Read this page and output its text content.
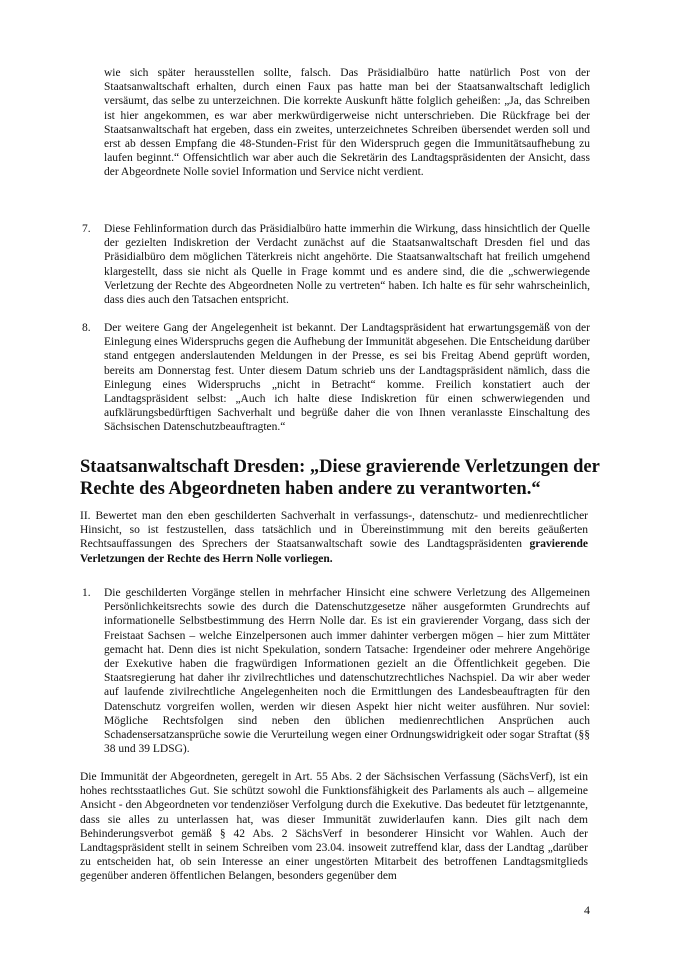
wie sich später herausstellen sollte, falsch. Das Präsidialbüro hatte natürlich Post von der Staatsanwaltschaft erhalten, durch einen Faux pas hatte man bei der Staatsanwaltschaft lediglich versäumt, das selbe zu unterzeichnen. Die korrekte Auskunft hätte folglich geheißen: „Ja, das Schreiben ist hier angekommen, es war aber merkwürdigerweise nicht unterschrieben. Die Rückfrage bei der Staatsanwaltschaft hat ergeben, dass ein zweites, unterzeichnetes Schreiben übersendet werden soll und erst ab dessen Empfang die 48-Stunden-Frist für den Widerspruch gegen die Immunitätsaufhebung zu laufen beginnt.“ Offensichtlich war aber auch die Sekretärin des Landtagspräsidenten der Ansicht, dass der Abgeordnete Nolle soviel Information und Service nicht verdient.

7. Diese Fehlinformation durch das Präsidialbüro hatte immerhin die Wirkung, dass hinsichtlich der Quelle der gezielten Indiskretion der Verdacht zunächst auf die Staatsanwaltschaft Dresden fiel und das Präsidialbüro dem möglichen Täterkreis nicht angehörte. Die Staatsanwaltschaft hat freilich umgehend klargestellt, dass sie nicht als Quelle in Frage kommt und es andere sind, die die „schwerwiegende Verletzung der Rechte des Abgeordneten Nolle zu vertreten“ haben. Ich halte es für sehr wahrscheinlich, dass dies auch den Tatsachen entspricht.

8. Der weitere Gang der Angelegenheit ist bekannt. Der Landtagspräsident hat erwartungsgemäß von der Einlegung eines Widerspruchs gegen die Aufhebung der Immunität abgesehen. Die Entscheidung darüber stand entgegen anderslautenden Meldungen in der Presse, es sei bis Freitag Abend geprüft worden, bereits am Donnerstag fest. Unter diesem Datum schrieb uns der Landtagspräsident nämlich, dass die Einlegung eines Widerspruchs „nicht in Betracht“ komme. Freilich konstatiert auch der Landtagspräsident selbst: „Auch ich halte diese Indiskretion für einen schwerwiegenden und aufklärungsbedürftigen Sachverhalt und begrüße daher die von Ihnen veranlasste Einschaltung des Sächsischen Datenschutzbeauftragten.“

Staatsanwaltschaft Dresden: „Diese gravierende Verletzungen der Rechte des Abgeordneten haben andere zu verantworten.“

II. Bewertet man den eben geschilderten Sachverhalt in verfassungs-, datenschutz- und medienrechtlicher Hinsicht, so ist festzustellen, dass tatsächlich und in Übereinstimmung mit den bereits geäußerten Rechtsauffassungen des Sprechers der Staatsanwaltschaft sowie des Landtagspräsidenten gravierende Verletzungen der Rechte des Herrn Nolle vorliegen.

1. Die geschilderten Vorgänge stellen in mehrfacher Hinsicht eine schwere Verletzung des Allgemeinen Persönlichkeitsrechts sowie des durch die Datenschutzgesetze näher ausgeformten Grundrechts auf informationelle Selbstbestimmung des Herrn Nolle dar. Es ist ein gravierender Vorgang, dass sich der Freistaat Sachsen – welche Einzelpersonen auch immer dahinter verbergen mögen – hier zum Mittäter gemacht hat. Denn dies ist nicht Spekulation, sondern Tatsache: Irgendeiner oder mehrere Angehörige der Exekutive haben die fragwürdigen Informationen gezielt an die Öffentlichkeit gegeben. Die Staatsregierung hat daher ihr zivilrechtliches und datenschutzrechtliches Nachspiel. Da wir aber weder auf laufende zivilrechtliche Angelegenheiten noch die Ermittlungen des Landesbeauftragten für den Datenschutz vorgreifen wollen, werden wir diesen Aspekt hier nicht weiter ausführen. Nur soviel: Mögliche Rechtsfolgen sind neben den üblichen medienrechtlichen Ansprüchen auch Schadensersatzansprüche sowie die Verurteilung wegen einer Ordnungswidrigkeit oder sogar Straftat (§§ 38 und 39 LDSG).

Die Immunität der Abgeordneten, geregelt in Art. 55 Abs. 2 der Sächsischen Verfassung (SächsVerf), ist ein hohes rechtsstaatliches Gut. Sie schützt sowohl die Funktionsfähigkeit des Parlaments als auch – allgemeine Ansicht - den Abgeordneten vor tendenziöser Verfolgung durch die Exekutive. Das bedeutet für letztgenannte, dass sie alles zu unterlassen hat, was dieser Immunität zuwiderlaufen kann. Dies gilt nach dem Behinderungsverbot gemäß § 42 Abs. 2 SächsVerf in besonderer Hinsicht vor Wahlen. Auch der Landtagspräsident stellt in seinem Schreiben vom 23.04. insoweit zutreffend klar, dass der Landtag „darüber zu entscheiden hat, ob sein Interesse an einer ungestörten Mitarbeit des betroffenen Landtagsmitglieds gegenüber anderen öffentlichen Belangen, besonders gegenüber dem

4
